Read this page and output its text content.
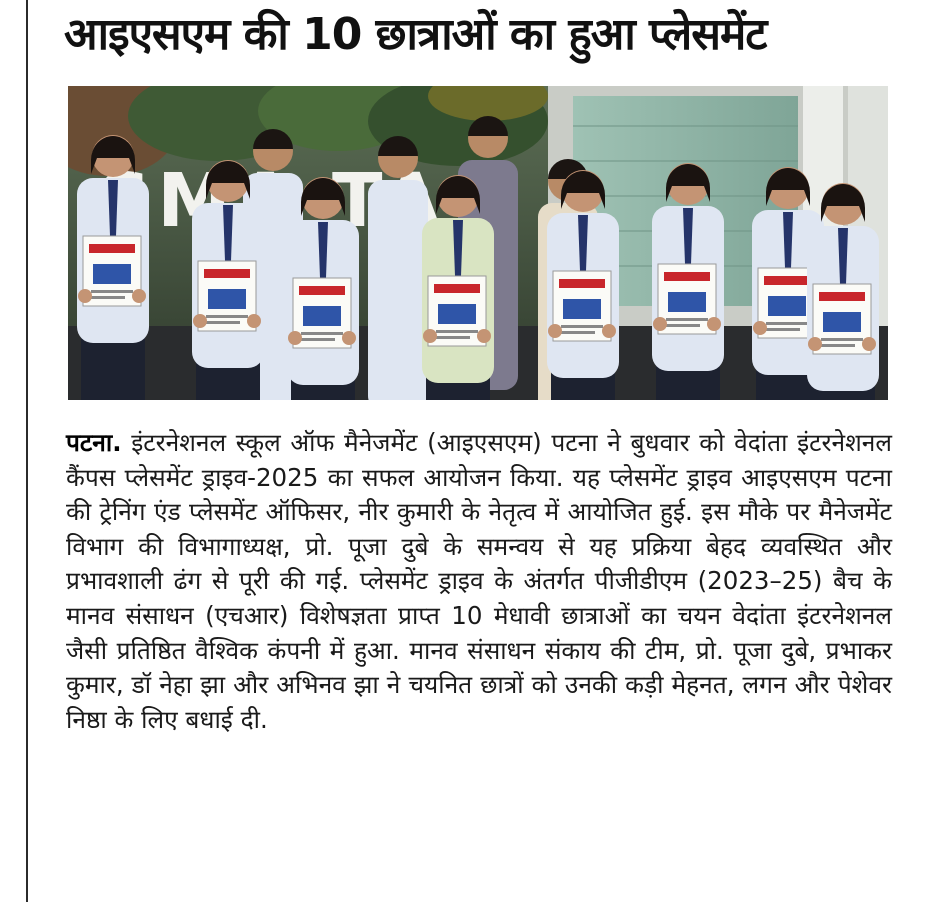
आइएसएम की 10 छात्राओं का हुआ प्लेसमेंट
SMA
पटना. इंटरनेशनल स्कूल ऑफ मैनेजमेंट (आइएसएम) पटना ने बुधवार को वेदांता इंटरनेशनल कैंपस प्लेसमेंट ड्राइव-2025 का सफल आयोजन किया. यह प्लेसमेंट ड्राइव आइएसएम पटना की ट्रेनिंग एंड प्लेसमेंट ऑफिसर, नीर कुमारी के नेतृत्व में आयोजित हुई. इस मौके पर मैनेजमेंट विभाग की विभागाध्यक्ष, प्रो. पूजा दुबे के समन्वय से यह प्रक्रिया बेहद व्यवस्थित और प्रभावशाली ढंग से पूरी की गई. प्लेसमेंट ड्राइव के अंतर्गत पीजीडीएम (2023–25) बैच के मानव संसाधन (एचआर) विशेषज्ञता प्राप्त 10 मेधावी छात्राओं का चयन वेदांता इंटरनेशनल जैसी प्रतिष्ठित वैश्विक कंपनी में हुआ. मानव संसाधन संकाय की टीम, प्रो. पूजा दुबे, प्रभाकर कुमार, डॉ नेहा झा और अभिनव झा ने चयनित छात्रों को उनकी कड़ी मेहनत, लगन और पेशेवर निष्ठा के लिए बधाई दी.
